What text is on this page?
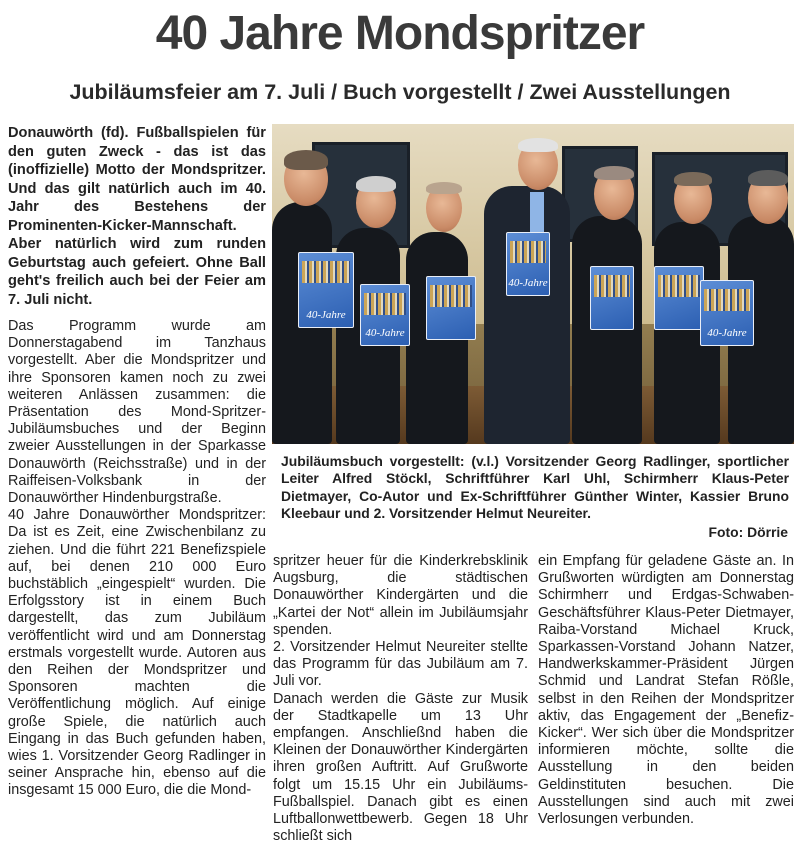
40 Jahre Mondspritzer
Jubiläumsfeier am 7. Juli / Buch vorgestellt / Zwei Ausstellungen
Donauwörth (fd). Fußballspielen für den guten Zweck - das ist das (inoffizielle) Motto der Mondspritzer. Und das gilt natürlich auch im 40. Jahr des Bestehens der Prominenten-Kicker-Mannschaft. Aber natürlich wird zum runden Geburtstag auch gefeiert. Ohne Ball geht's freilich auch bei der Feier am 7. Juli nicht.

Das Programm wurde am Donnerstagabend im Tanzhaus vorgestellt. Aber die Mondspritzer und ihre Sponsoren kamen noch zu zwei weiteren Anlässen zusammen: die Präsentation des Mond-Spritzer-Jubiläumsbuches und der Beginn zweier Ausstellungen in der Sparkasse Donauwörth (Reichsstraße) und in der Raiffeisen-Volksbank in der Donauwörther Hindenburgstraße.

40 Jahre Donauwörther Mondspritzer: Da ist es Zeit, eine Zwischenbilanz zu ziehen. Und die führt 221 Benefizspiele auf, bei denen 210 000 Euro buchstäblich „eingespielt“ wurden. Die Erfolgsstory ist in einem Buch dargestellt, das zum Jubiläum veröffentlicht wird und am Donnerstag erstmals vorgestellt wurde. Autoren aus den Reihen der Mondspritzer und Sponsoren machten die Veröffentlichung möglich. Auf einige große Spiele, die natürlich auch Eingang in das Buch gefunden haben, wies 1. Vorsitzender Georg Radlinger in seiner Ansprache hin, ebenso auf die insgesamt 15 000 Euro, die die Mond-

40-Jahre
40-Jahre
40-Jahre
40-Jahre
Jubiläumsbuch vorgestellt: (v.l.) Vorsitzender Georg Radlinger, sportlicher Leiter Alfred Stöckl, Schriftführer Karl Uhl, Schirmherr Klaus-Peter Dietmayer, Co-Autor und Ex-Schriftführer Günther Winter, Kassier Bruno Kleebaur und 2. Vorsitzender Helmut Neureiter.
Foto: Dörrie

spritzer heuer für die Kinderkrebsklinik Augsburg, die städtischen Donauwörther Kindergärten und die „Kartei der Not“ allein im Jubiläumsjahr spenden.

2. Vorsitzender Helmut Neureiter stellte das Programm für das Jubiläum am 7. Juli vor.

Danach werden die Gäste zur Musik der Stadtkapelle um 13 Uhr empfangen. Anschließnd haben die Kleinen der Donauwörther Kindergärten ihren großen Auftritt. Auf Grußworte folgt um 15.15 Uhr ein Jubiläums-Fußballspiel. Danach gibt es einen Luftballonwettbewerb. Gegen 18 Uhr schließt sich

ein Empfang für geladene Gäste an. In Grußworten würdigten am Donnerstag Schirmherr und Erdgas-Schwaben-Geschäftsführer Klaus-Peter Dietmayer, Raiba-Vorstand Michael Kruck, Sparkassen-Vorstand Johann Natzer, Handwerkskammer-Präsident Jürgen Schmid und Landrat Stefan Rößle, selbst in den Reihen der Mondspritzer aktiv, das Engagement der „Benefiz-Kicker“. Wer sich über die Mondspritzer informieren möchte, sollte die Ausstellung in den beiden Geldinstituten besuchen. Die Ausstellungen sind auch mit zwei Verlosungen verbunden.
